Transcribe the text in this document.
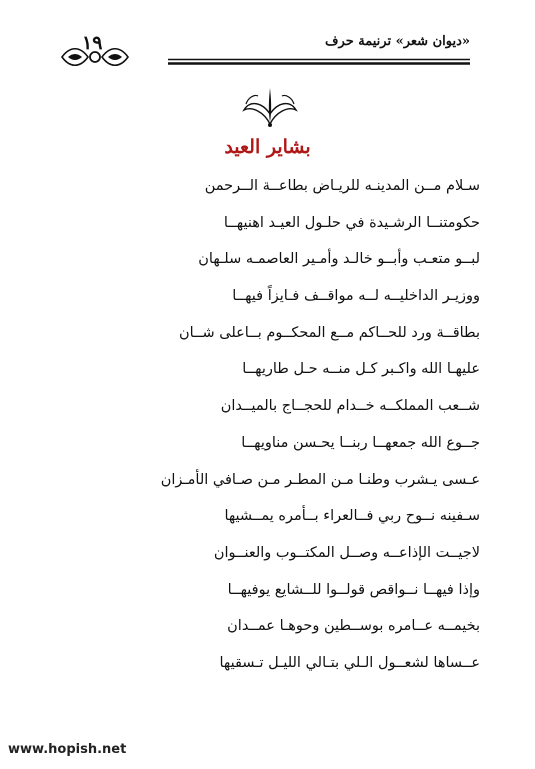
١٩	«ديوان شعر» ترنيمة حرف
بشاير العيد
سـلام مــن المدينـه للريـاض بطاعــة الــرحمن
حكومتنــا الرشـيدة في حلـول العيـد اهنيهــا
لبــو متعـب وأبــو خالـد وأمـير العاصمـه سلـهان
ووزيـر الداخليــه لــه مواقــف فـايزاً فيهــا
بطاقــة ورد للحــاكم مــع المحكــوم بــاعلى شــان
عليهـا الله واكـبر كـل منــه حـل طاريهــا
شــعب المملكــه خــدام للحجــاج بالميــدان
جــوع الله جمعهــا ربنــا يحـسن مناويهــا
عـسى يـشرب وطنـا مـن المطـر مـن صـافي الأمـزان
سـفينه نــوح ربي فــالعراء بــأمره يمــشيها
لاجيــت الإذاعــه وصــل المكتــوب والعنــوان
وإذا فيهــا نــواقص قولــوا للــشايع يوفيهــا
بخيمــه عــامره بوســطين وحوهـا عمــدان
عــساها لشعــول الـلي بتـالي الليـل تـسقيها
www.hopish.net
